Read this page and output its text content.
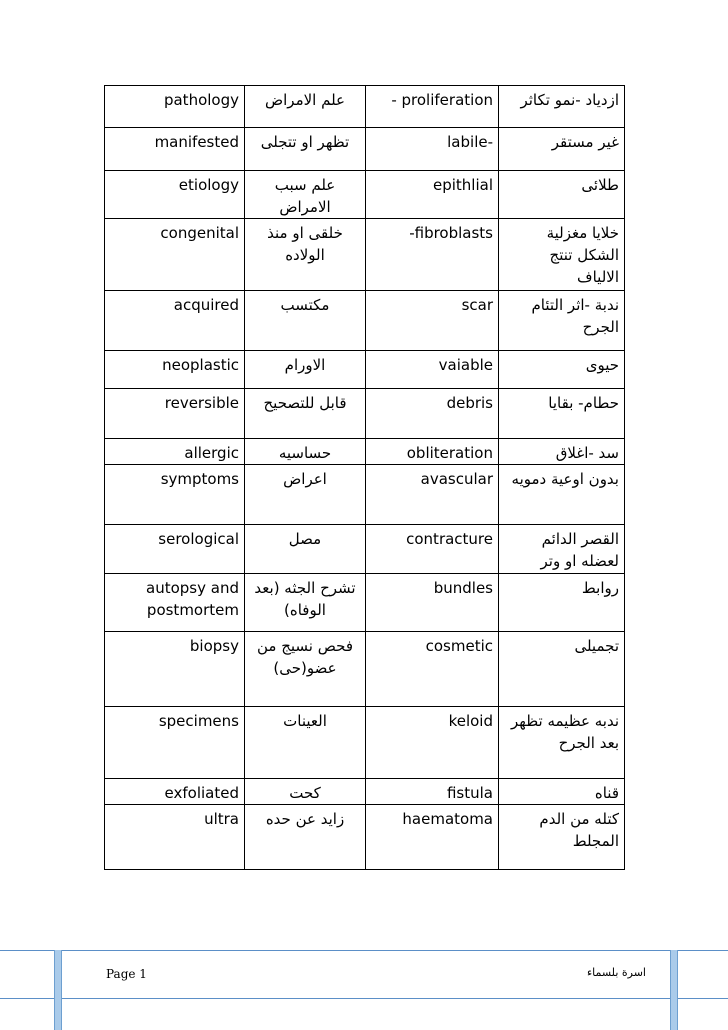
pathology	علم الامراض	- proliferation	ازدياد -نمو تكاثر
manifested	تظهر او تتجلى	labile-	غير مستقر
etiology	علم سبب الامراض	epithlial	طلائى
congenital	خلقى او منذ الولاده	-fibroblasts	خلايا مغزلية الشكل تنتج الالياف
acquired	مكتسب	scar	ندبة -اثر التئام الجرح
neoplastic	الاورام	vaiable	حيوى
reversible	قابل للتصحيح	debris	حطام- بقايا
allergic	حساسيه	obliteration	سد -اغلاق
symptoms	اعراض	avascular	بدون اوعية دمويه
serological	مصل	contracture	القصر الدائم لعضله او وتر
autopsy and postmortem	تشرح الجثه (بعد الوفاه)	bundles	روابط
biopsy	فحص نسيج من عضو(حى)	cosmetic	تجميلى
specimens	العينات	keloid	ندبه عظيمه تظهر بعد الجرح
exfoliated	كحت	fistula	قناه
ultra	زايد عن حده	haematoma	كتله من الدم المجلط
Page 1	اسرة بلسماء
